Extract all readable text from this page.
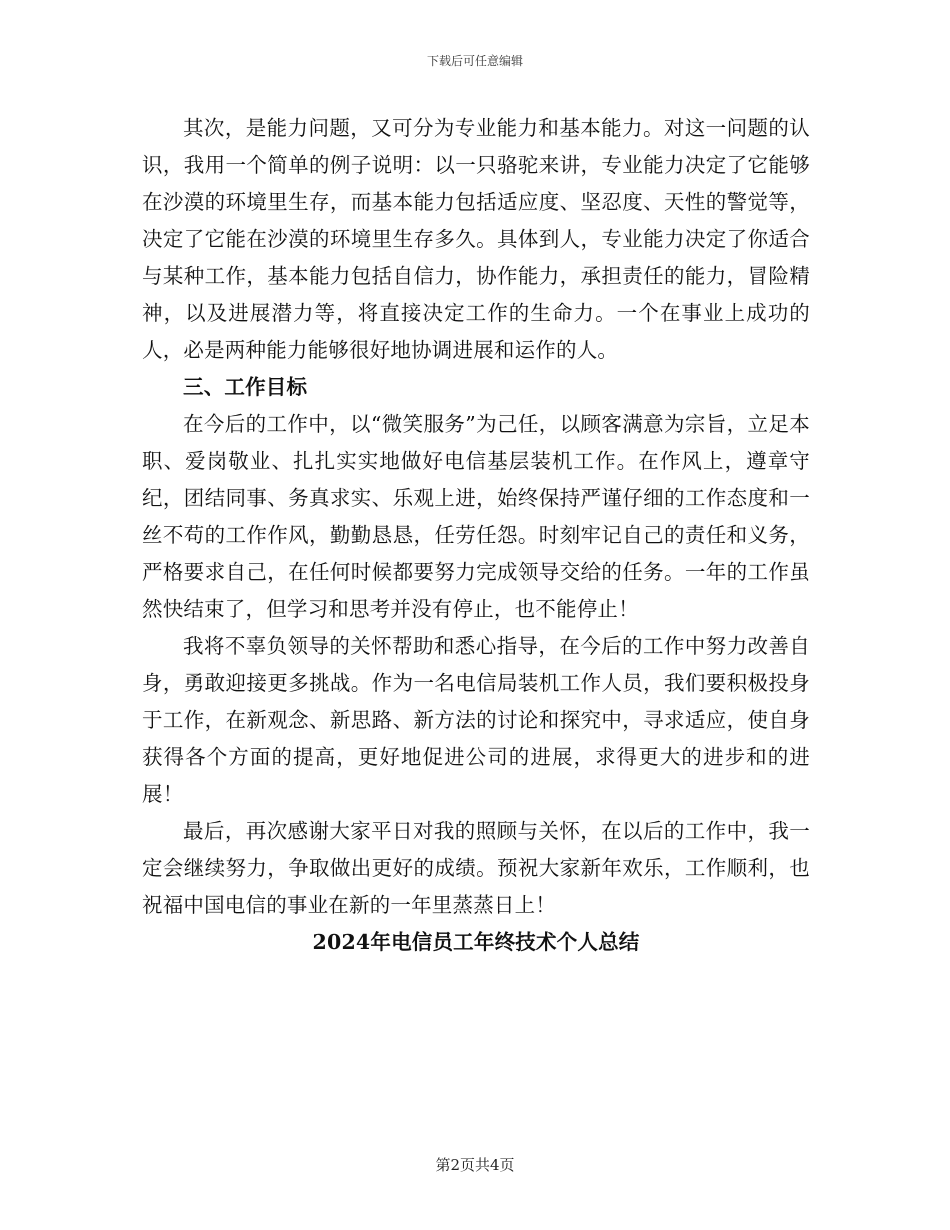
下载后可任意编辑

其次，是能力问题，又可分为专业能力和基本能力。对这一问题的认识，我用一个简单的例子说明：以一只骆驼来讲，专业能力决定了它能够在沙漠的环境里生存，而基本能力包括适应度、坚忍度、天性的警觉等，决定了它能在沙漠的环境里生存多久。具体到人，专业能力决定了你适合与某种工作，基本能力包括自信力，协作能力，承担责任的能力，冒险精神，以及进展潜力等，将直接决定工作的生命力。一个在事业上成功的人，必是两种能力能够很好地协调进展和运作的人。

三、工作目标

在今后的工作中，以“微笑服务”为己任，以顾客满意为宗旨，立足本职、爱岗敬业、扎扎实实地做好电信基层装机工作。在作风上，遵章守纪，团结同事、务真求实、乐观上进，始终保持严谨仔细的工作态度和一丝不苟的工作作风，勤勤恳恳，任劳任怨。时刻牢记自己的责任和义务，严格要求自己，在任何时候都要努力完成领导交给的任务。一年的工作虽然快结束了，但学习和思考并没有停止，也不能停止！

我将不辜负领导的关怀帮助和悉心指导，在今后的工作中努力改善自身，勇敢迎接更多挑战。作为一名电信局装机工作人员，我们要积极投身于工作，在新观念、新思路、新方法的讨论和探究中，寻求适应，使自身获得各个方面的提高，更好地促进公司的进展，求得更大的进步和的进展！

最后，再次感谢大家平日对我的照顾与关怀，在以后的工作中，我一定会继续努力，争取做出更好的成绩。预祝大家新年欢乐，工作顺利，也祝福中国电信的事业在新的一年里蒸蒸日上！

2024年电信员工年终技术个人总结

第2页共4页
